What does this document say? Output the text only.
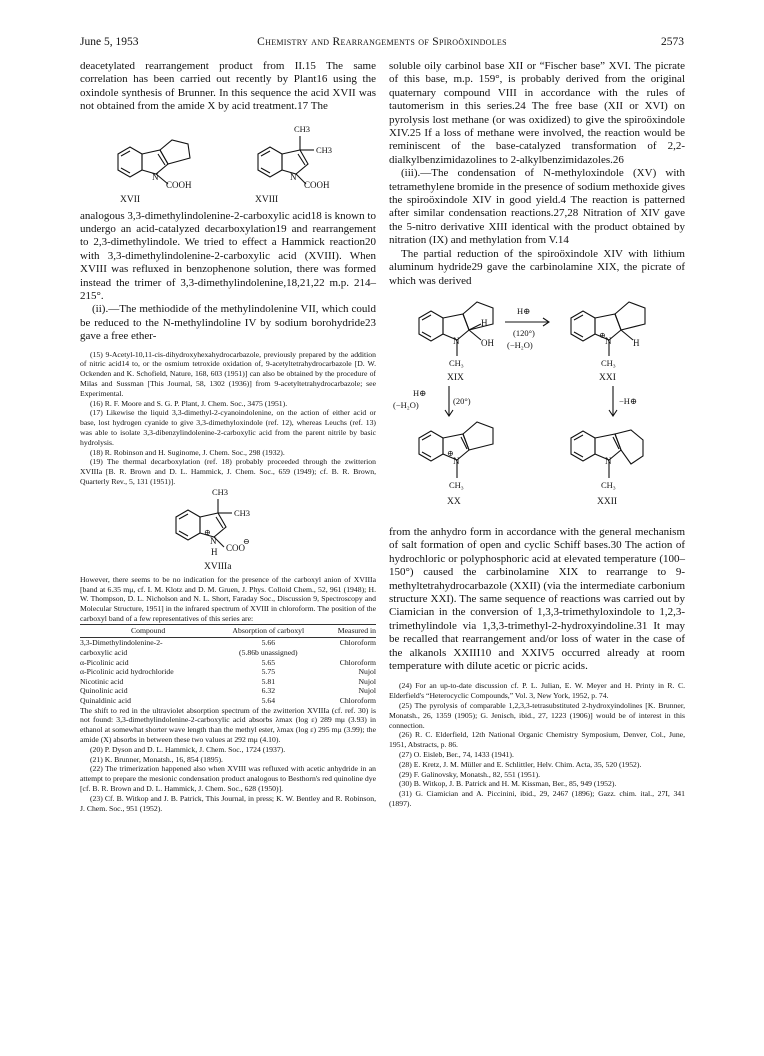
June 5, 1953	Chemistry and Rearrangements of Spiroöxindoles	2573

deacetylated rearrangement product from II.15 The same correlation has been carried out recently by Plant16 using the oxindole synthesis of Brunner. In this sequence the acid XVII was not obtained from the amide X by acid treatment.17 The

N
COOH
XVII
N
COOH
CH3
CH3
XVIII

analogous 3,3-dimethylindolenine-2-carboxylic acid18 is known to undergo an acid-catalyzed decarboxylation19 and rearrangement to 2,3-dimethylindole. We tried to effect a Hammick reaction20 with 3,3-dimethylindolenine-2-carboxylic acid (XVIII). When XVIII was refluxed in benzophenone solution, there was formed instead the trimer of 3,3-dimethylindolenine,18,21,22 m.p. 214–215°.

(ii).—The methiodide of the methylindolenine VII, which could be reduced to the N-methylindoline IV by sodium borohydride23 gave a free ether-

(15) 9-Acetyl-10,11-cis-dihydroxyhexahydrocarbazole, previously prepared by the addition of nitric acid14 to, or the osmium tetroxide oxidation of, 9-acetyltetrahydrocarbazole [D. W. Ockenden and K. Schofield, Nature, 168, 603 (1951)] can also be obtained by the procedure of Milas and Sussman [This Journal, 58, 1302 (1936)] from 9-acetyltetrahydrocarbazole; see Experimental.

(16) R. F. Moore and S. G. P. Plant, J. Chem. Soc., 3475 (1951).

(17) Likewise the liquid 3,3-dimethyl-2-cyanoindolenine, on the action of either acid or base, lost hydrogen cyanide to give 3,3-dimethyloxindole (ref. 12), whereas Leuchs (ref. 13) was able to isolate 3,3-dibenzylindolenine-2-carboxylic acid from the parent nitrile by basic hydrolysis.

(18) R. Robinson and H. Suginome, J. Chem. Soc., 298 (1932).

(19) The thermal decarboxylation (ref. 18) probably proceeded through the zwitterion XVIIIa [B. R. Brown and D. L. Hammick, J. Chem. Soc., 659 (1949); cf. B. R. Brown, Quarterly Rev., 5, 131 (1951)].

CH3
CH3
⊕
N
COO
⊖
H
XVIIIa

However, there seems to be no indication for the presence of the carboxyl anion of XVIIIa [band at 6.35 mμ, cf. I. M. Klotz and D. M. Gruen, J. Phys. Colloid Chem., 52, 961 (1948); H. W. Thompson, D. L. Nicholson and N. L. Short, Faraday Soc., Discussion 9, Spectroscopy and Molecular Structure, 1951] in the infrared spectrum of XVIII in chloroform. The position of the carboxyl band of a few representatives of this series are:

Compound	Absorption of carboxyl	Measured in
3,3-Dimethylindolenine-2-	5.66	Chloroform
carboxylic acid	(5.86b unassigned)	
α-Picolinic acid	5.65	Chloroform
α-Picolinic acid hydrochloride	5.75	Nujol
Nicotinic acid	5.81	Nujol
Quinolinic acid	6.32	Nujol
Quinaldinic acid	5.64	Chloroform

The shift to red in the ultraviolet absorption spectrum of the zwitterion XVIIIa (cf. ref. 30) is not found: 3,3-dimethylindolenine-2-carboxylic acid absorbs λmax (log ε) 289 mμ (3.93) in ethanol at somewhat shorter wave length than the methyl ester, λmax (log ε) 295 mμ (3.99); the amide (X) absorbs in between these two values at 292 mμ (4.10).

(20) P. Dyson and D. L. Hammick, J. Chem. Soc., 1724 (1937).

(21) K. Brunner, Monatsh., 16, 854 (1895).

(22) The trimerization happened also when XVIII was refluxed with acetic anhydride in an attempt to prepare the mesionic condensation product analogous to Besthorn's red quinoline dye [cf. B. R. Brown and D. L. Hammick, J. Chem. Soc., 628 (1950)].

(23) Cf. B. Witkop and J. B. Patrick, This Journal, in press; K. W. Bentley and R. Robinson, J. Chem. Soc., 951 (1952).

soluble oily carbinol base XII or “Fischer base” XVI. The picrate of this base, m.p. 159°, is probably derived from the original quaternary compound VIII in accordance with the rules of tautomerism in this series.24 The free base (XII or XVI) on pyrolysis lost methane (or was oxidized) to give the spiroöxindole XIV.25 If a loss of methane were involved, the reaction would be reminiscent of the base-catalyzed transformation of 2,2-dialkylbenzimidazolines to 2-alkylbenzimidazoles.26

(iii).—The condensation of N-methyloxindole (XV) with tetramethylene bromide in the presence of sodium methoxide gives the spiroöxindole XIV in good yield.4 The reaction is patterned after similar condensation reactions.27,28 Nitration of XIV gave the 5-nitro derivative XIII identical with the product obtained by nitration (IX) and methylation from V.14

The partial reduction of the spiroöxindole XIV with lithium aluminum hydride29 gave the carbinolamine XIX, the picrate of which was derived

N
H
OH
CH₃
XIX
H⊕
(120°)
(−H₂O)
⊕
N H
CH₃
XXI
H⊕
(20°)
(−H₂O)	−H⊕
⊕
N
CH₃
XX
N
CH₃
XXII

from the anhydro form in accordance with the general mechanism of salt formation of open and cyclic Schiff bases.30 The action of hydrochloric or polyphosphoric acid at elevated temperature (100–150°) caused the carbinolamine XIX to rearrange to 9-methyltetrahydrocarbazole (XXII) (via the intermediate carbonium structure XXI). The same sequence of reactions was carried out by Ciamician in the conversion of 1,3,3-trimethyloxindole to 1,2,3-trimethylindole via 1,3,3-trimethyl-2-hydroxyindoline.31 It may be recalled that rearrangement and/or loss of water in the case of the alkanols XXIII10 and XXIV5 occurred already at room temperature with dilute acetic or picric acids.

(24) For an up-to-date discussion cf. P. L. Julian, E. W. Meyer and H. Printy in R. C. Elderfield's “Heterocyclic Compounds,” Vol. 3, New York, 1952, p. 74.

(25) The pyrolysis of comparable 1,2,3,3-tetrasubstituted 2-hydroxyindolines [K. Brunner, Monatsh., 26, 1359 (1905); G. Jenisch, ibid., 27, 1223 (1906)] would be of interest in this connection.

(26) R. C. Elderfield, 12th National Organic Chemistry Symposium, Denver, Col., June, 1951, Abstracts, p. 86.

(27) O. Eisleb, Ber., 74, 1433 (1941).

(28) E. Kretz, J. M. Müller and E. Schlittler, Helv. Chim. Acta, 35, 520 (1952).

(29) F. Galinovsky, Monatsh., 82, 551 (1951).

(30) B. Witkop, J. B. Patrick and H. M. Kissman, Ber., 85, 949 (1952).

(31) G. Ciamician and A. Piccinini, ibid., 29, 2467 (1896); Gazz. chim. ital., 27I, 341 (1897).
